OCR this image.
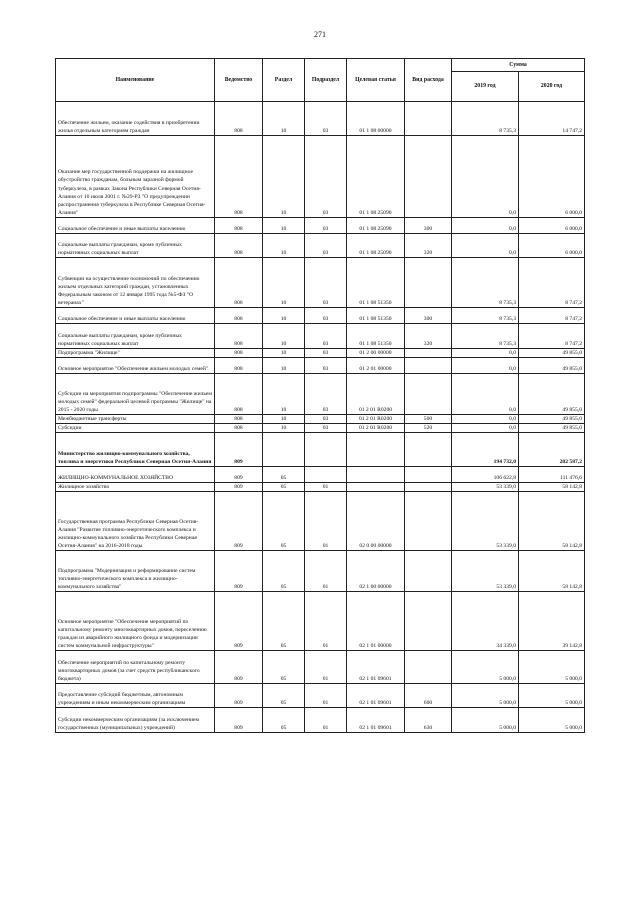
271
Наименование	Ведомство	Раздел	Подраздел	Целевая статья	Вид расхода	Сумма	
						2019 год	2020 год
Обеспечение жильем, оказание содействия в приобретении жилья отдельным категориям граждан	808	10	03	01 1 08 00000		8 735,3	14 747,2
Оказание мер государственной поддержки на жилищное обустройство гражданам, больным заразной формой туберкулеза, в рамках Закона Республики Северная Осетия-Алания от 10 июля 2001 г. №29-РЗ "О предупреждении распространения туберкулеза в Республике Северная Осетия-Алания"	808	10	03	01 1 08 25090		0,0	6 000,0
Социальное обеспечение и иные выплаты населению	808	10	03	01 1 08 25090	300	0,0	6 000,0
Социальные выплаты гражданам, кроме публичных нормативных социальных выплат	808	10	03	01 1 08 25090	320	0,0	6 000,0
Субвенции на осуществление полномочий по обеспечению жильем отдельных категорий граждан, установленных Федеральным законом от 12 января 1995 года №5-ФЗ "О ветеранах"	808	10	03	01 1 08 51350		8 735,3	8 747,2
Социальное обеспечение и иные выплаты населению	808	10	03	01 1 08 51350	300	8 735,3	8 747,2
Социальные выплаты гражданам, кроме публичных нормативных социальных выплат	808	10	03	01 1 08 51350	320	8 735,3	8 747,2
Подпрограмма "Жилище"	808	10	03	01 2 00 00000		0,0	49 855,0
Основное мероприятие "Обеспечение жильем молодых семей"	808	10	03	01 2 01 00000		0,0	49 855,0
Субсидии на мероприятия подпрограммы "Обеспечение жильем молодых семей" федеральной целевой программы "Жилище" на 2015 - 2020 годы	808	10	03	01 2 01 R0200		0,0	49 855,0
Межбюджетные трансферты	808	10	03	01 2 01 R0200	500	0,0	49 855,0
Субсидии	808	10	03	01 2 01 R0200	520	0,0	49 855,0
Министерство жилищно-коммунального хозяйства, топлива и энергетики Республики Северная Осетия-Алания	809					194 732,0	202 587,2
ЖИЛИЩНО-КОММУНАЛЬНОЕ ХОЗЯЙСТВО	809	05				106 622,8	111 476,6
Жилищное хозяйство	809	05	01			53 339,0	58 142,8
Государственная программа Республики Северная Осетия-Алания "Развитие топливно-энергетического комплекса и жилищно-коммунального хозяйства Республики Северная Осетия-Алания" на 2016-2018 годы	809	05	01	02 0 00 00000		53 339,0	58 142,8
Подпрограмма "Модернизация и реформирование систем топливно-энергетического комплекса и жилищно-коммунального хозяйства"	809	05	01	02 1 00 00000		53 339,0	58 142,8
Основное мероприятие "Обеспечение мероприятий по капитальному ремонту многоквартирных домов, переселению граждан из аварийного жилищного фонда и модернизации систем коммунальной инфраструктуры"	809	05	01	02 1 01 00000		34 339,0	39 142,8
Обеспечение мероприятий по капитальному ремонту многоквартирных домов (за счет средств республиканского бюджета)	809	05	01	02 1 01 09601		5 000,0	5 000,0
Предоставление субсидий бюджетным, автономным учреждениям и иным некоммерческим организациям	809	05	01	02 1 01 09601	600	5 000,0	5 000,0
Субсидии некоммерческим организациям (за исключением государственных (муниципальных) учреждений)	809	05	01	02 1 01 09601	630	5 000,0	5 000,0
